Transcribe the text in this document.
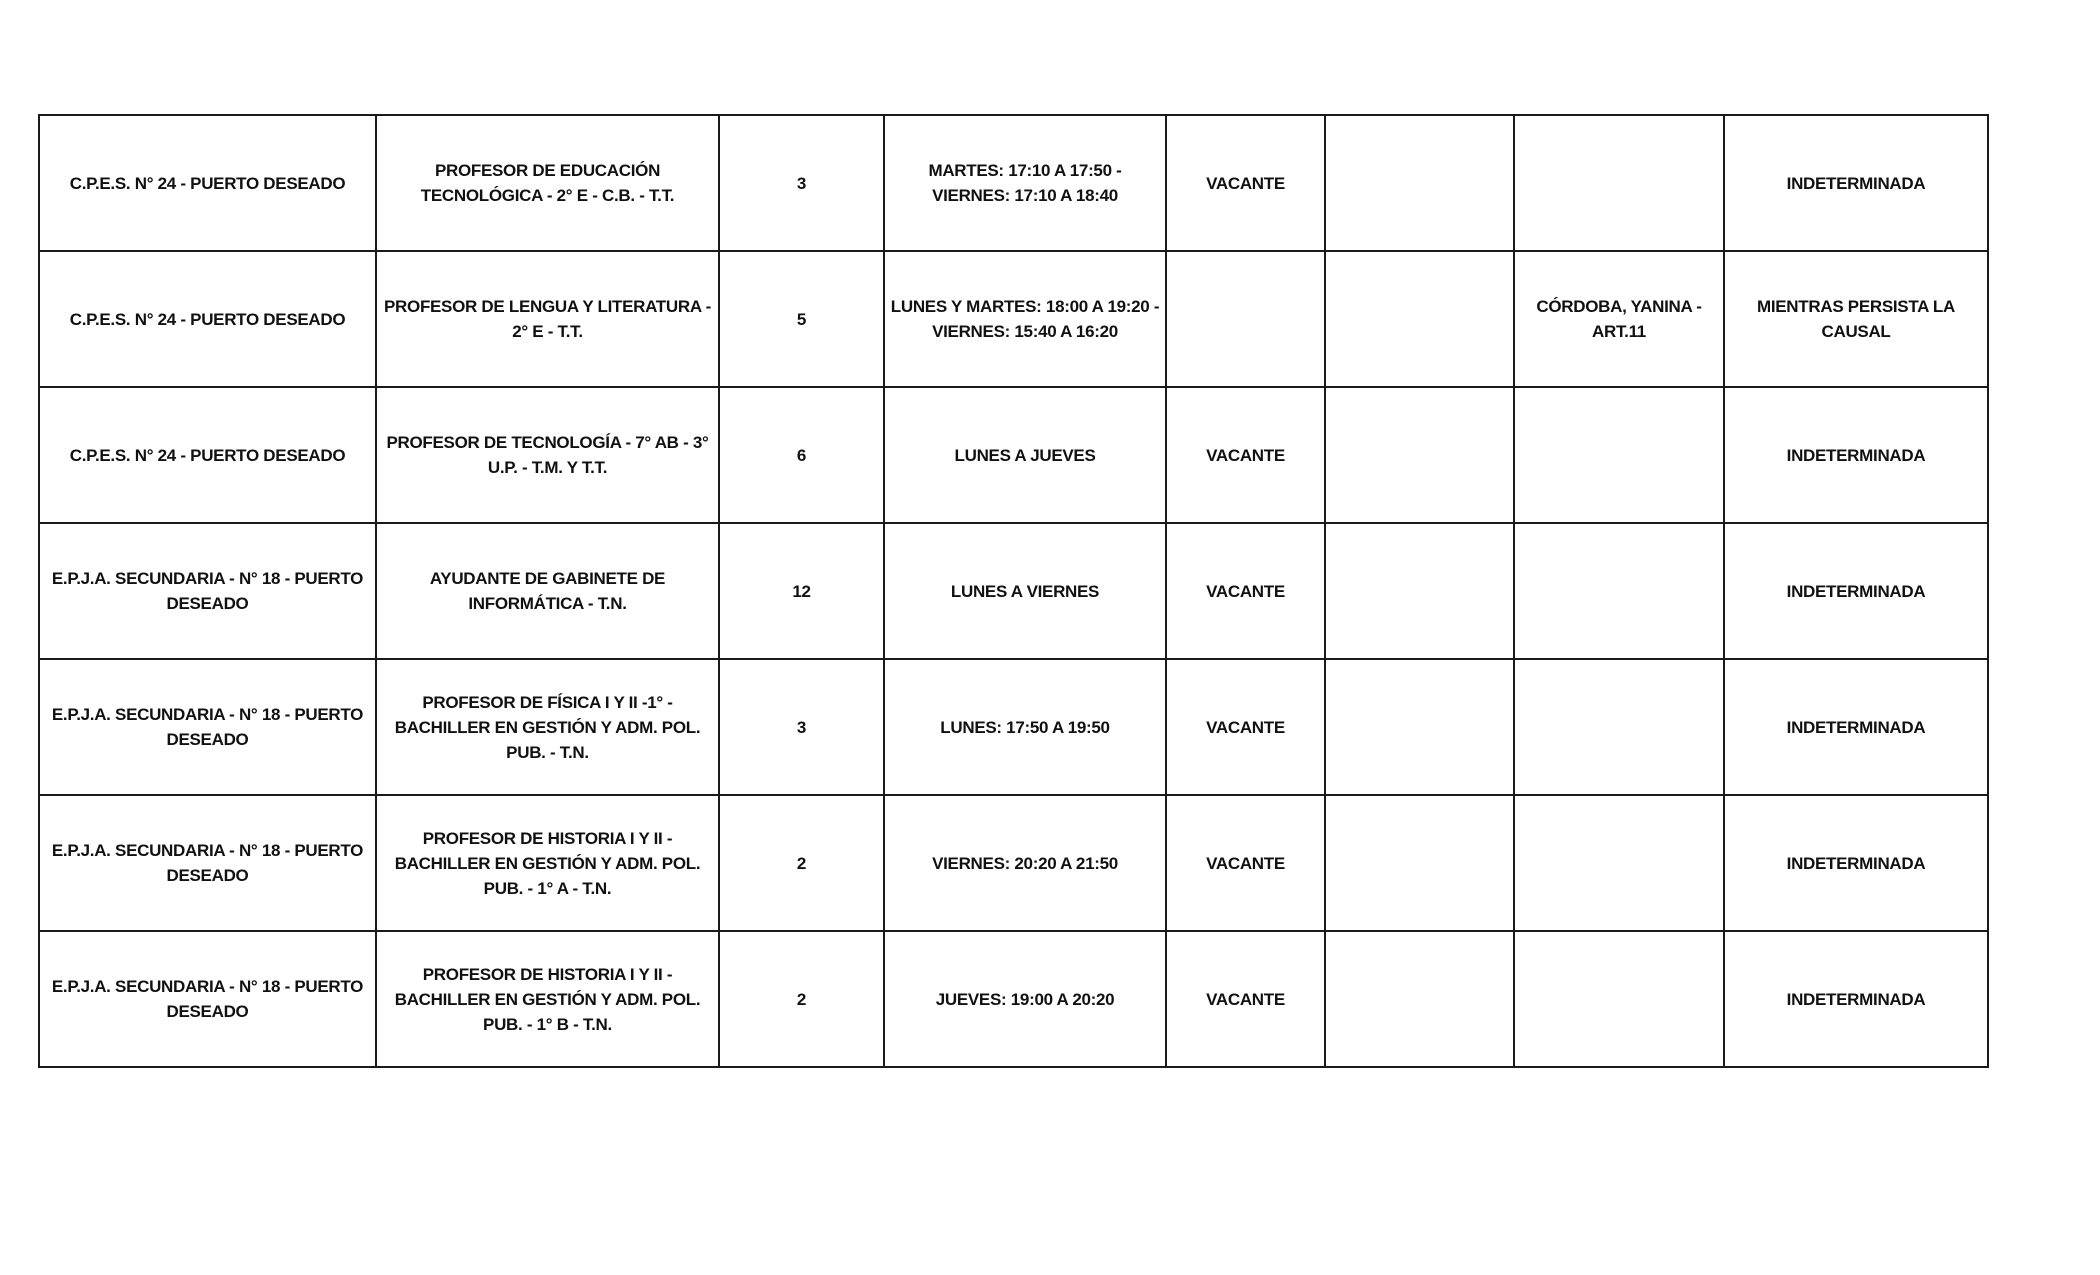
C.P.E.S. N° 24 - PUERTO DESEADO	PROFESOR DE EDUCACIÓN TECNOLÓGICA - 2° E - C.B. - T.T.	3	MARTES: 17:10 A 17:50 - VIERNES: 17:10 A 18:40	VACANTE			INDETERMINADA
C.P.E.S. N° 24 - PUERTO DESEADO	PROFESOR DE LENGUA Y LITERATURA - 2° E - T.T.	5	LUNES Y MARTES: 18:00 A 19:20 - VIERNES: 15:40 A 16:20			CÓRDOBA, YANINA - ART.11	MIENTRAS PERSISTA LA CAUSAL
C.P.E.S. N° 24 - PUERTO DESEADO	PROFESOR DE TECNOLOGÍA - 7° AB - 3° U.P. - T.M. Y T.T.	6	LUNES A JUEVES	VACANTE			INDETERMINADA
E.P.J.A. SECUNDARIA - N° 18 - PUERTO DESEADO	AYUDANTE DE GABINETE DE INFORMÁTICA - T.N.	12	LUNES A VIERNES	VACANTE			INDETERMINADA
E.P.J.A. SECUNDARIA - N° 18 - PUERTO DESEADO	PROFESOR DE FÍSICA I Y II -1° -BACHILLER EN GESTIÓN Y ADM. POL. PUB. - T.N.	3	LUNES: 17:50 A 19:50	VACANTE			INDETERMINADA
E.P.J.A. SECUNDARIA - N° 18 - PUERTO DESEADO	PROFESOR DE HISTORIA I Y II - BACHILLER EN GESTIÓN Y ADM. POL. PUB. - 1° A - T.N.	2	VIERNES: 20:20 A 21:50	VACANTE			INDETERMINADA
E.P.J.A. SECUNDARIA - N° 18 - PUERTO DESEADO	PROFESOR DE HISTORIA I Y II - BACHILLER EN GESTIÓN Y ADM. POL. PUB. - 1° B - T.N.	2	JUEVES: 19:00 A 20:20	VACANTE			INDETERMINADA
